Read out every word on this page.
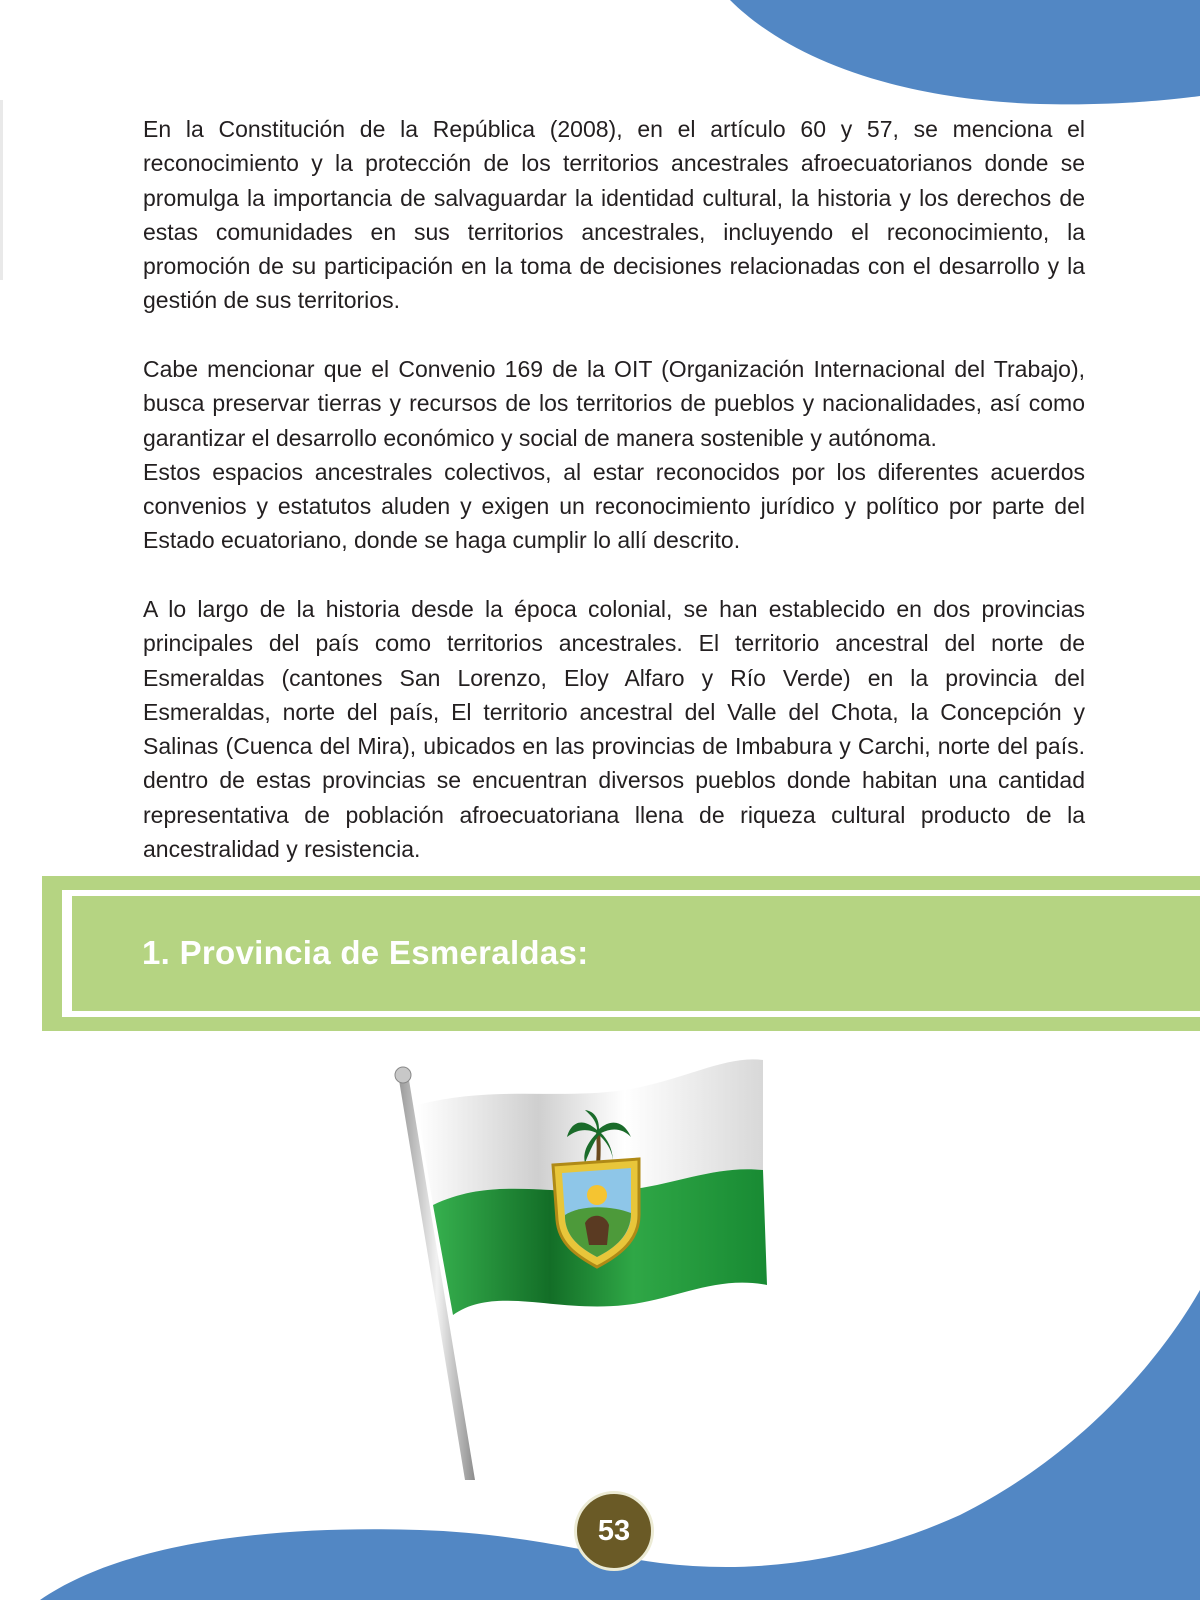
En la Constitución de la República (2008), en el artículo 60 y 57, se menciona el reconocimiento y la protección de los territorios ancestrales afroecuatorianos donde se promulga la importancia de salvaguardar la identidad cultural, la historia y los derechos de estas comunidades en sus territorios ancestrales, incluyendo el reconocimiento, la promoción de su participación en la toma de decisiones relacionadas con el desarrollo y la gestión de sus territorios.

Cabe mencionar que el Convenio 169 de la OIT (Organización Internacional del Trabajo), busca preservar tierras y recursos de los territorios de pueblos y nacionalidades, así como garantizar el desarrollo económico y social de manera sostenible y autónoma.

Estos espacios ancestrales colectivos, al estar reconocidos por los diferentes acuerdos convenios y estatutos aluden y exigen un reconocimiento jurídico y político por parte del Estado ecuatoriano, donde se haga cumplir lo allí descrito.

A lo largo de la historia desde la época colonial, se han establecido en dos provincias principales del país como territorios ancestrales. El territorio ancestral del norte de Esmeraldas (cantones San Lorenzo, Eloy Alfaro y Río Verde) en la provincia del Esmeraldas, norte del país, El territorio ancestral del Valle del Chota, la Concepción y Salinas (Cuenca del Mira), ubicados en las provincias de Imbabura y Carchi, norte del país. dentro de estas provincias se encuentran diversos pueblos donde habitan una cantidad representativa de población afroecuatoriana llena de riqueza cultural producto de la ancestralidad y resistencia.

1. Provincia de Esmeraldas:
53
